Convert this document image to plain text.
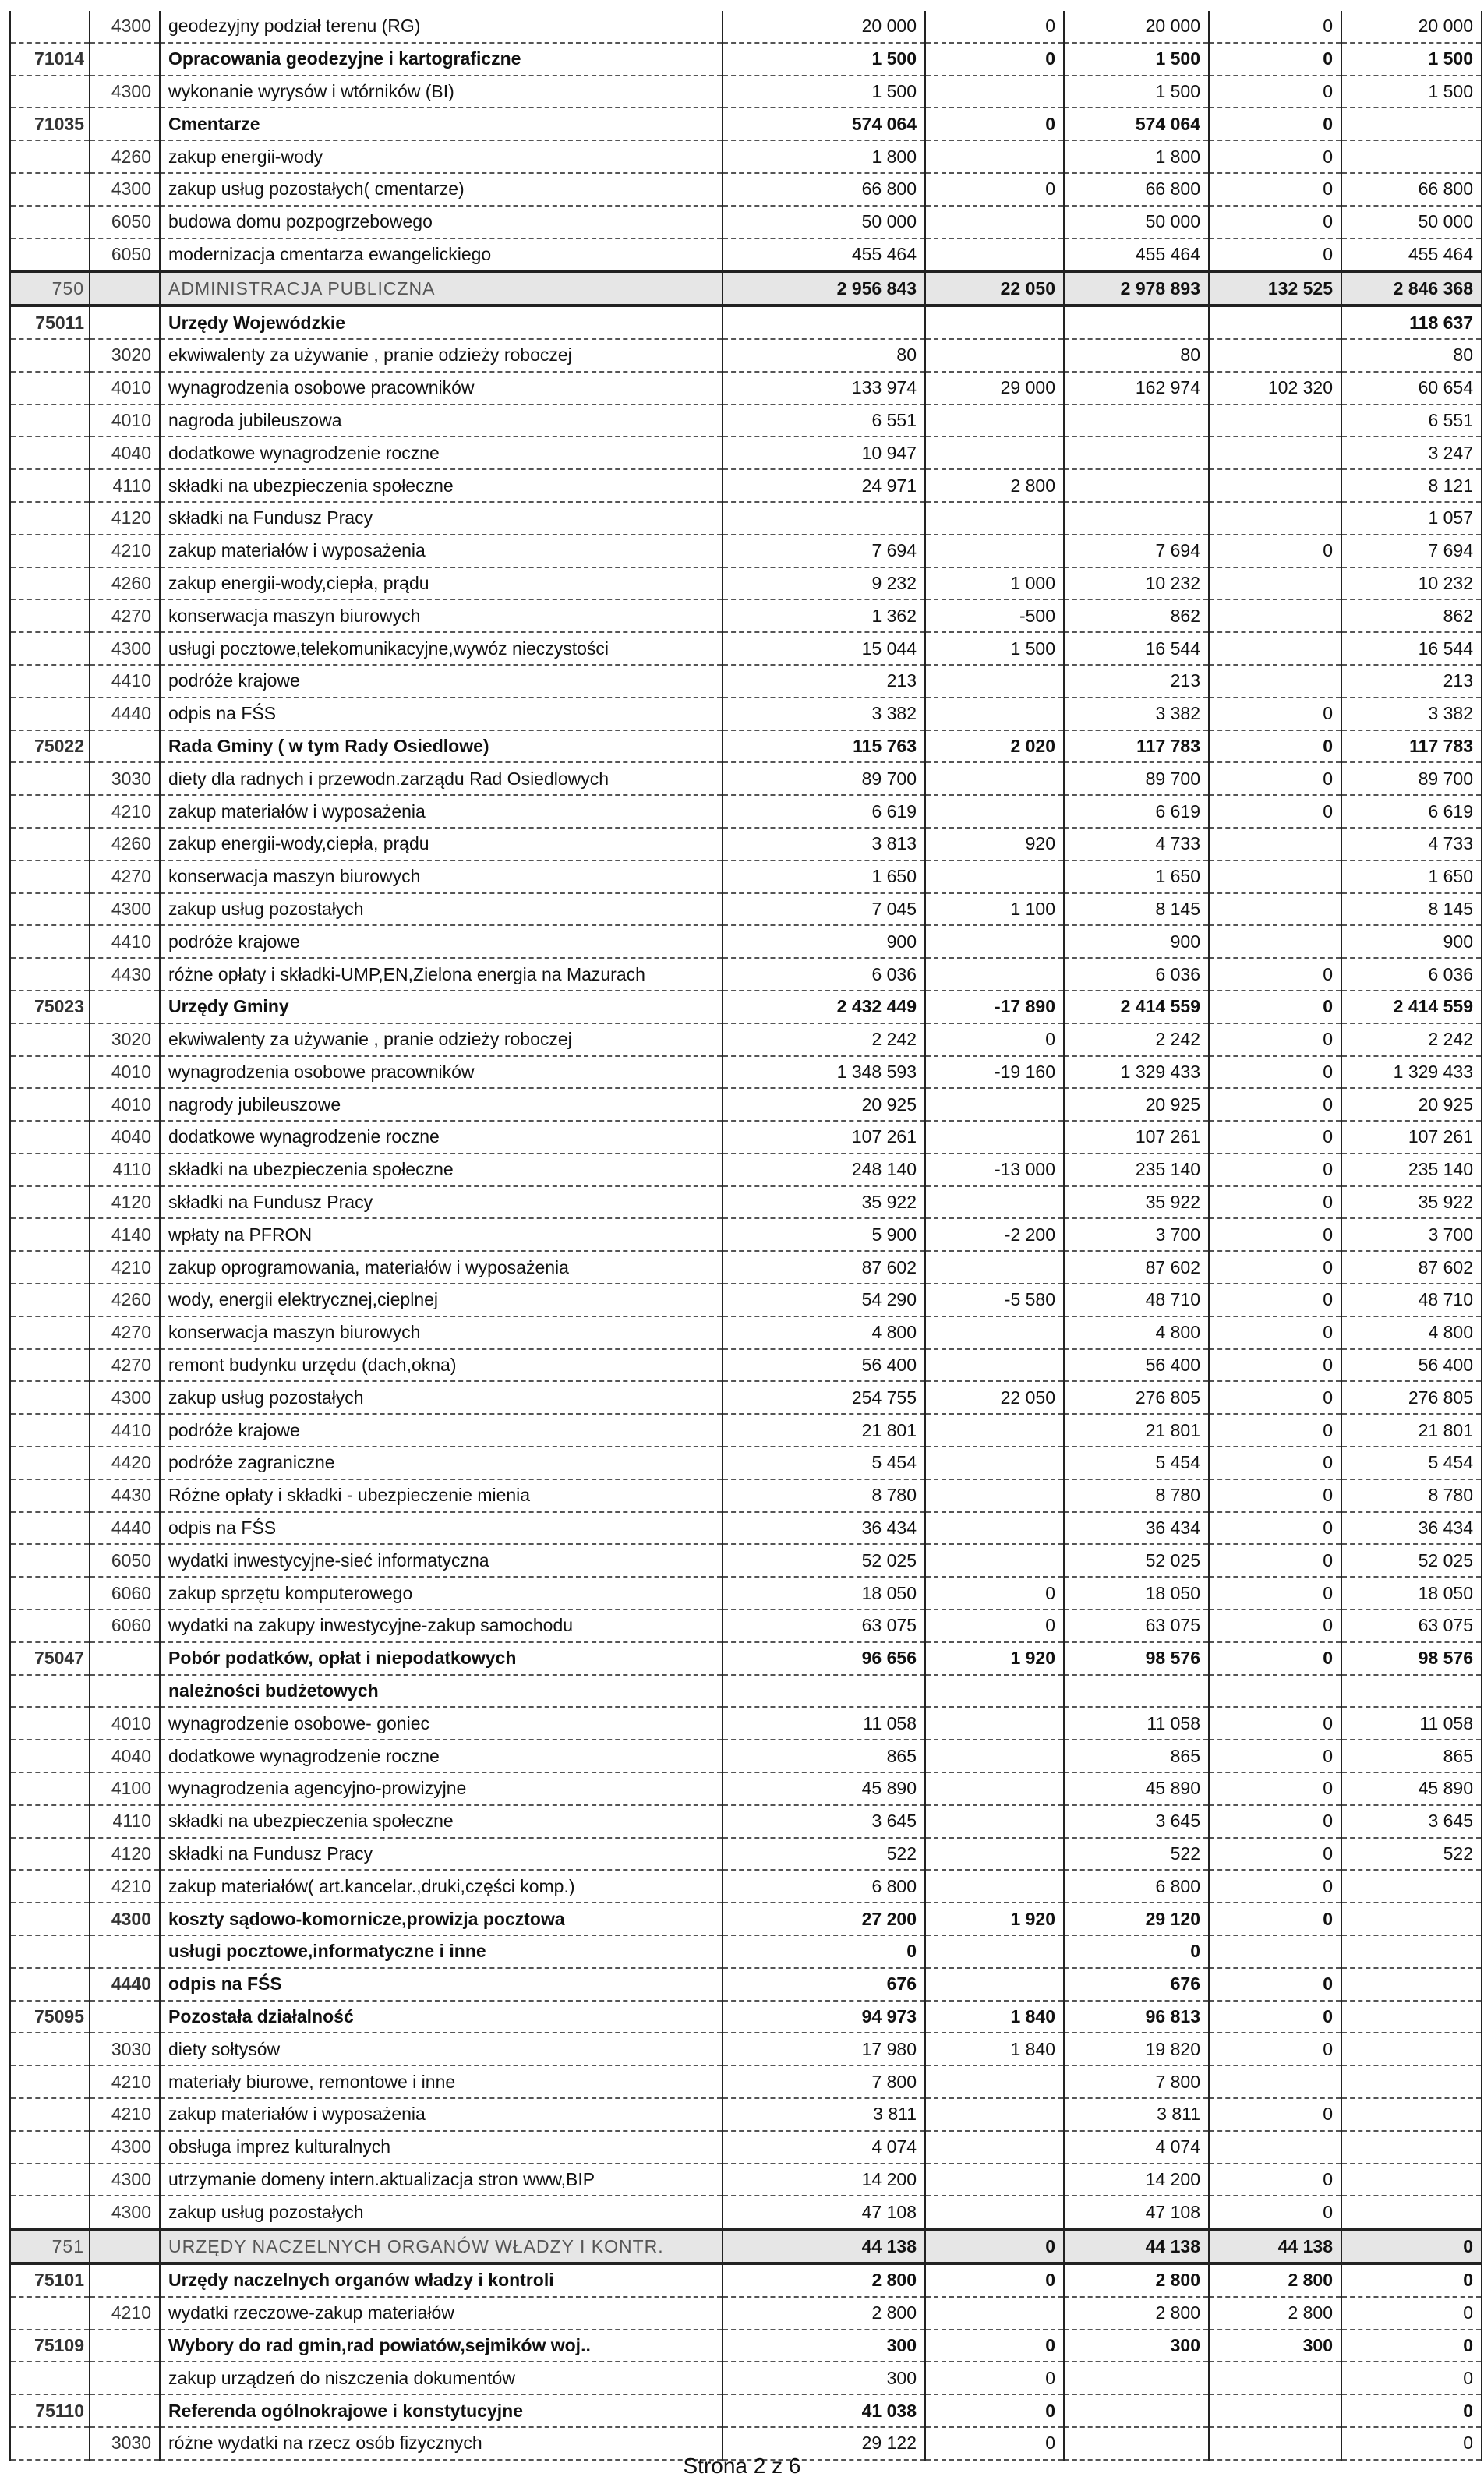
	4300	geodezyjny podział terenu (RG)	20 000	0	20 000	0	20 000
71014		Opracowania geodezyjne i kartograficzne	1 500	0	1 500	0	1 500
	4300	wykonanie wyrysów i wtórników (BI)	1 500		1 500	0	1 500
71035		Cmentarze	574 064	0	574 064	0	
	4260	zakup energii-wody	1 800		1 800	0	
	4300	zakup usług pozostałych( cmentarze)	66 800	0	66 800	0	66 800
	6050	budowa domu pozpogrzebowego	50 000		50 000	0	50 000
	6050	modernizacja cmentarza ewangelickiego	455 464		455 464	0	455 464
750		ADMINISTRACJA PUBLICZNA	2 956 843	22 050	2 978 893	132 525	2 846 368
75011		Urzędy Wojewódzkie					118 637
	3020	ekwiwalenty za używanie , pranie odzieży roboczej	80		80		80
	4010	wynagrodzenia osobowe pracowników	133 974	29 000	162 974	102 320	60 654
	4010	nagroda jubileuszowa	6 551				6 551
	4040	dodatkowe wynagrodzenie roczne	10 947				3 247
	4110	składki na ubezpieczenia społeczne	24 971	2 800			8 121
	4120	składki na Fundusz Pracy					1 057
	4210	zakup materiałów i wyposażenia	7 694		7 694	0	7 694
	4260	zakup energii-wody,ciepła, prądu	9 232	1 000	10 232		10 232
	4270	konserwacja maszyn biurowych	1 362	-500	862		862
	4300	usługi pocztowe,telekomunikacyjne,wywóz nieczystości	15 044	1 500	16 544		16 544
	4410	podróże krajowe	213		213		213
	4440	odpis na FŚS	3 382		3 382	0	3 382
75022		Rada Gminy ( w tym Rady Osiedlowe)	115 763	2 020	117 783	0	117 783
	3030	diety dla radnych i przewodn.zarządu Rad Osiedlowych	89 700		89 700	0	89 700
	4210	zakup materiałów i wyposażenia	6 619		6 619	0	6 619
	4260	zakup energii-wody,ciepła, prądu	3 813	920	4 733		4 733
	4270	konserwacja maszyn biurowych	1 650		1 650		1 650
	4300	zakup usług pozostałych	7 045	1 100	8 145		8 145
	4410	podróże krajowe	900		900		900
	4430	różne opłaty i składki-UMP,EN,Zielona energia na Mazurach	6 036		6 036	0	6 036
75023		Urzędy Gminy	2 432 449	-17 890	2 414 559	0	2 414 559
	3020	ekwiwalenty za używanie , pranie odzieży roboczej	2 242	0	2 242	0	2 242
	4010	wynagrodzenia osobowe pracowników	1 348 593	-19 160	1 329 433	0	1 329 433
	4010	nagrody jubileuszowe	20 925		20 925	0	20 925
	4040	dodatkowe wynagrodzenie roczne	107 261		107 261	0	107 261
	4110	składki na ubezpieczenia społeczne	248 140	-13 000	235 140	0	235 140
	4120	składki na Fundusz Pracy	35 922		35 922	0	35 922
	4140	wpłaty na PFRON	5 900	-2 200	3 700	0	3 700
	4210	zakup oprogramowania, materiałów i wyposażenia	87 602		87 602	0	87 602
	4260	wody, energii elektrycznej,cieplnej	54 290	-5 580	48 710	0	48 710
	4270	konserwacja maszyn biurowych	4 800		4 800	0	4 800
	4270	remont budynku urzędu (dach,okna)	56 400		56 400	0	56 400
	4300	zakup usług pozostałych	254 755	22 050	276 805	0	276 805
	4410	podróże krajowe	21 801		21 801	0	21 801
	4420	podróże zagraniczne	5 454		5 454	0	5 454
	4430	Różne opłaty i składki - ubezpieczenie mienia	8 780		8 780	0	8 780
	4440	odpis na FŚS	36 434		36 434	0	36 434
	6050	wydatki inwestycyjne-sieć informatyczna	52 025		52 025	0	52 025
	6060	zakup sprzętu komputerowego	18 050	0	18 050	0	18 050
	6060	wydatki na zakupy inwestycyjne-zakup samochodu	63 075	0	63 075	0	63 075
75047		Pobór podatków, opłat i niepodatkowych	96 656	1 920	98 576	0	98 576
		należności budżetowych					
	4010	wynagrodzenie osobowe- goniec	11 058		11 058	0	11 058
	4040	dodatkowe wynagrodzenie roczne	865		865	0	865
	4100	wynagrodzenia agencyjno-prowizyjne	45 890		45 890	0	45 890
	4110	składki na ubezpieczenia społeczne	3 645		3 645	0	3 645
	4120	składki na Fundusz Pracy	522		522	0	522
	4210	zakup materiałów( art.kancelar.,druki,części komp.)	6 800		6 800	0	
	4300	koszty sądowo-komornicze,prowizja pocztowa	27 200	1 920	29 120	0	
		usługi pocztowe,informatyczne i inne	0		0		
	4440	odpis na FŚS	676		676	0	
75095		Pozostała działalność	94 973	1 840	96 813	0	
	3030	diety sołtysów	17 980	1 840	19 820	0	
	4210	materiały biurowe, remontowe i inne	7 800		7 800		
	4210	zakup materiałów i wyposażenia	3 811		3 811	0	
	4300	obsługa imprez kulturalnych	4 074		4 074		
	4300	utrzymanie domeny intern.aktualizacja stron www,BIP	14 200		14 200	0	
	4300	zakup usług pozostałych	47 108		47 108	0	
751		URZĘDY NACZELNYCH ORGANÓW WŁADZY I KONTR.	44 138	0	44 138	44 138	0
75101		Urzędy naczelnych organów władzy i kontroli	2 800	0	2 800	2 800	0
	4210	wydatki rzeczowe-zakup materiałów	2 800		2 800	2 800	0
75109		Wybory do rad gmin,rad powiatów,sejmików woj..	300	0	300	300	0
		zakup urządzeń do niszczenia dokumentów	300	0			0
75110		Referenda ogólnokrajowe i konstytucyjne	41 038	0			0
	3030	różne wydatki na rzecz osób fizycznych	29 122	0			0
Strona 2 z 6
